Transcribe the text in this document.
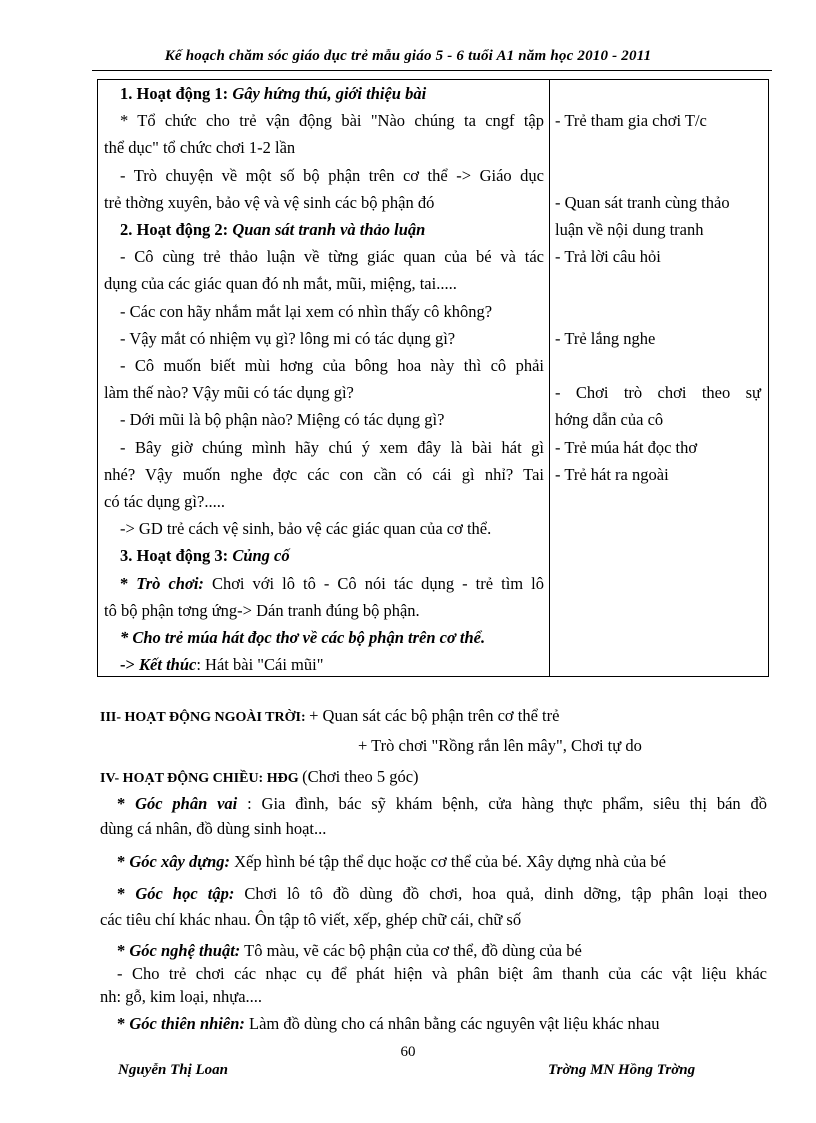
Kế hoạch chăm sóc giáo dục trẻ mẫu giáo 5 - 6 tuổi A1 năm học 2010 - 2011
1. Hoạt động 1: Gây hứng thú, giới thiệu bài
* Tổ chức cho trẻ vận động bài "Nào chúng ta cngf tập
thể dục" tổ chức chơi 1-2 lần
- Trò chuyện về một số bộ phận trên cơ thể -> Giáo dục
trẻ thờng xuyên, bảo vệ và vệ sinh các bộ phận đó
2. Hoạt động 2: Quan sát tranh và thảo luận
- Cô cùng trẻ thảo luận về từng giác quan của bé và tác
dụng của các giác quan đó nh mắt, mũi, miệng, tai.....
- Các con hãy nhắm mắt lại xem có nhìn thấy cô không?
- Vậy mắt có nhiệm vụ gì? lông mi có tác dụng gì?
- Cô muốn biết mùi hơng của bông hoa này thì cô phải
làm thế nào? Vậy mũi có tác dụng gì?
- Dới mũi là bộ phận nào? Miệng có tác dụng gì?
- Bây giờ chúng mình hãy chú ý xem đây là bài hát gì
nhé? Vậy muốn nghe đợc các con cần có cái gì nhỉ? Tai
có tác dụng gì?.....
-> GD trẻ cách vệ sinh, bảo vệ các giác quan của cơ thể.
3. Hoạt động 3: Củng cố
* Trò chơi: Chơi với lô tô - Cô nói tác dụng - trẻ tìm lô
tô bộ phận tơng ứng-> Dán tranh đúng bộ phận.
* Cho trẻ múa hát đọc thơ về các bộ phận trên cơ thể.
-> Kết thúc: Hát bài "Cái mũi"
- Trẻ tham gia chơi T/c
- Quan sát tranh cùng thảo
luận về nội dung tranh
- Trả lời câu hỏi
- Trẻ lắng nghe
- Chơi trò chơi theo sự
hớng dẫn của cô
- Trẻ múa hát đọc thơ
- Trẻ hát ra ngoài
III- HOẠT ĐỘNG NGOÀI TRỜI: + Quan sát các bộ phận trên cơ thể trẻ
+ Trò chơi "Rồng rắn lên mây", Chơi tự do
IV- HOẠT ĐỘNG CHIỀU: HĐG (Chơi theo 5 góc)
* Góc phân vai : Gia đình, bác sỹ khám bệnh, cửa hàng thực phẩm, siêu thị bán đồ
dùng cá nhân, đồ dùng sinh hoạt...
* Góc xây dựng: Xếp hình bé tập thể dục hoặc cơ thể của bé. Xây dựng nhà của bé
* Góc học tập: Chơi lô tô đồ dùng đồ chơi, hoa quả, dinh dỡng, tập phân loại theo
các tiêu chí khác nhau. Ôn tập tô viết, xếp, ghép chữ cái, chữ số
* Góc nghệ thuật: Tô màu, vẽ các bộ phận của cơ thể, đồ dùng của bé
- Cho trẻ chơi các nhạc cụ để phát hiện và phân biệt âm thanh của các vật liệu khác
nh: gỗ, kim loại, nhựa....
* Góc thiên nhiên: Làm đồ dùng cho cá nhân bằng các nguyên vật liệu khác nhau
60
Nguyễn Thị Loan	Trờng MN Hồng Trờng
